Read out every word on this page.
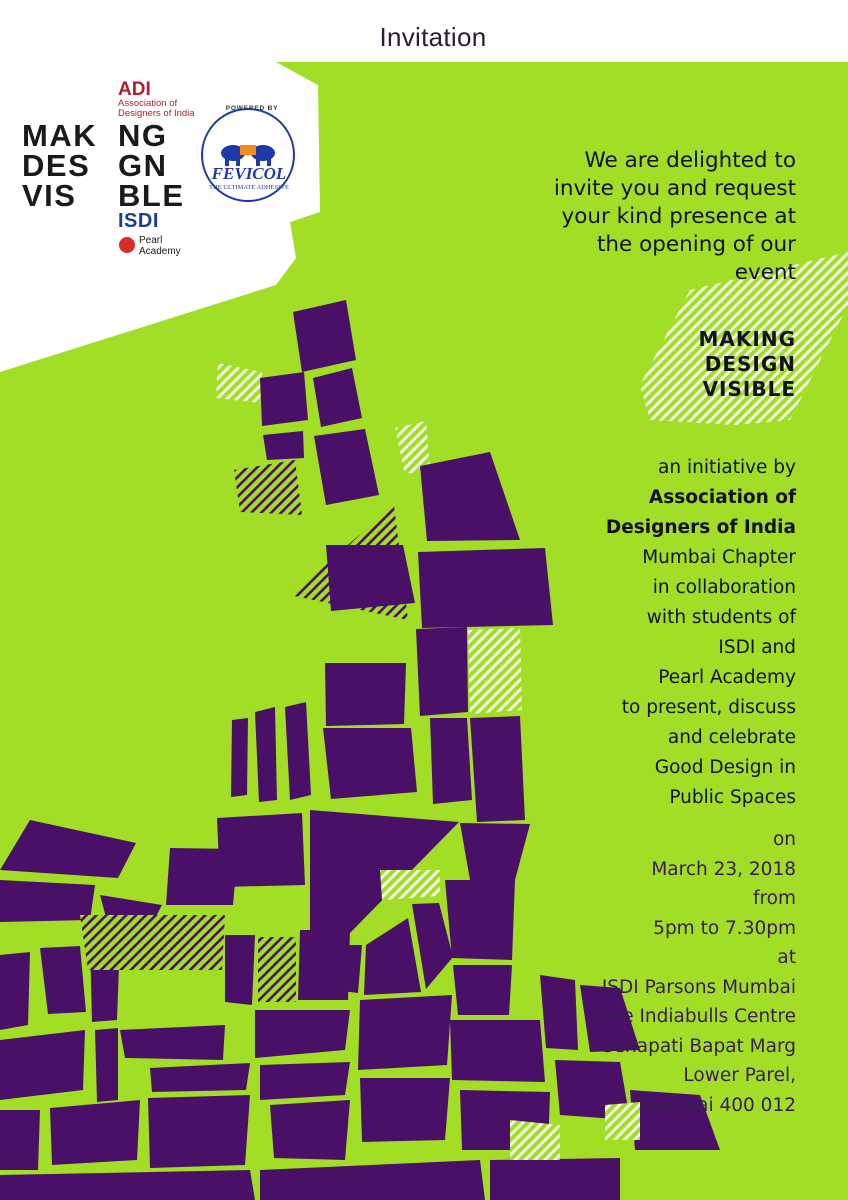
Invitation
ADI
Association of Designers of India
MAK
DES
VIS
NG
GN
BLE
ISDI
Pearl Academy
POWERED BY
FEVICOL
THE ULTIMATE ADHESIVE
We are delighted to
invite you and request
your kind presence at
the opening of our
event
MAKING
DESIGN
VISIBLE
an initiative by
Association of
Designers of India
Mumbai Chapter
in collaboration
with students of
ISDI and
Pearl Academy
to present, discuss
and celebrate
Good Design in
Public Spaces
on
March 23, 2018
from
5pm to 7.30pm
at
ISDI Parsons Mumbai
One Indiabulls Centre
Senapati Bapat Marg
Lower Parel,
Mumbai 400 012
